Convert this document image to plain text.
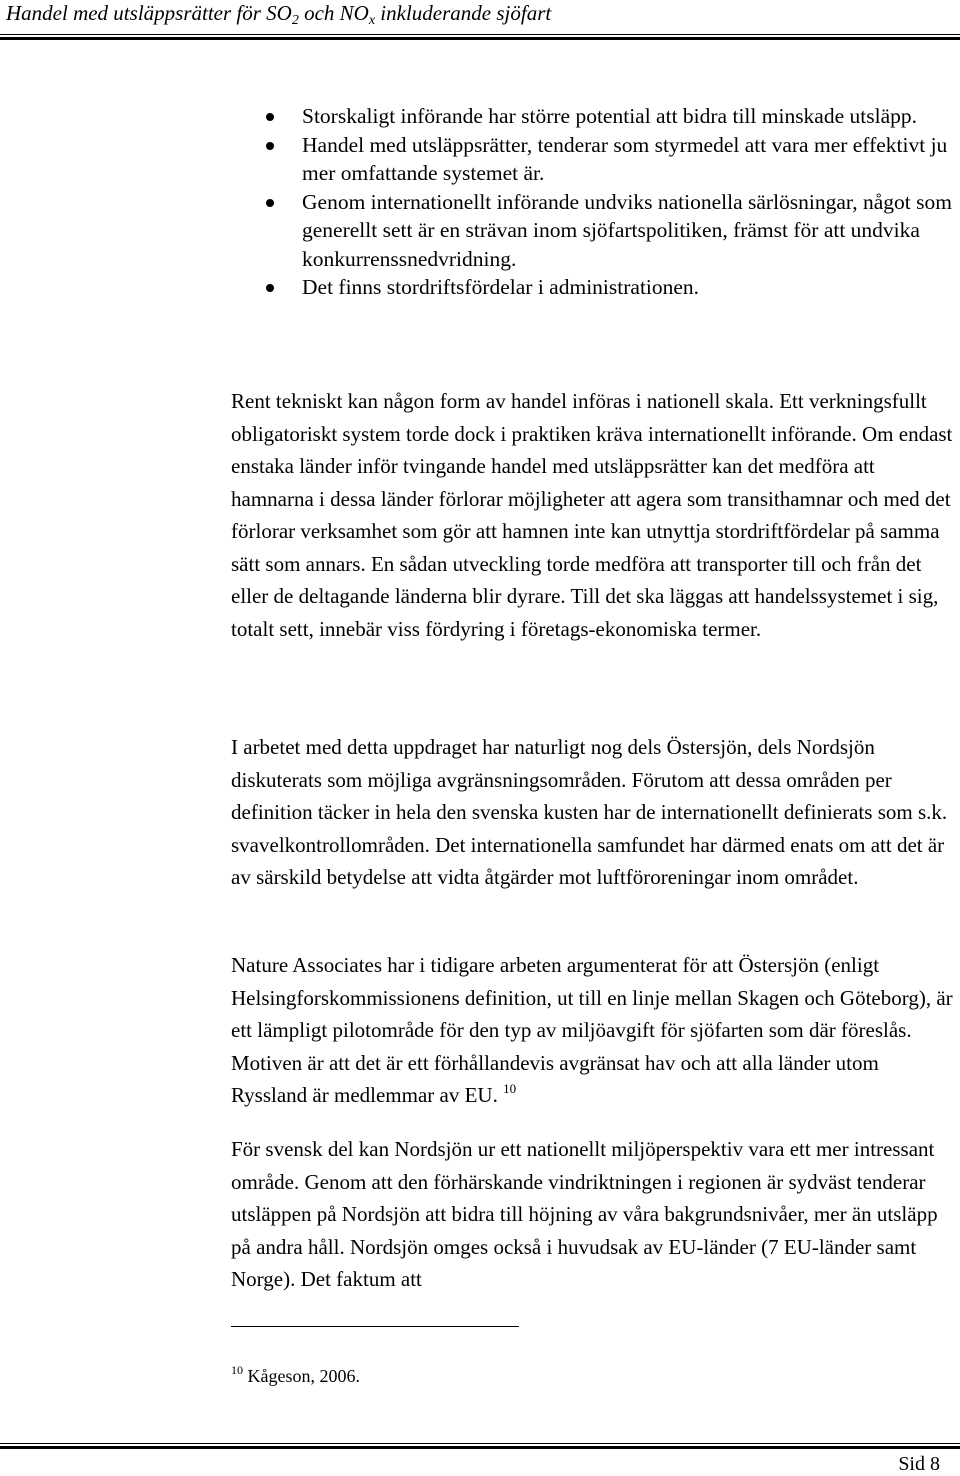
Handel med utsläppsrätter för $SO_2$ och $NO_x$ inkluderande sjöfart
Storskaligt införande har större potential att bidra till minskade utsläpp.
Handel med utsläppsrätter, tenderar som styrmedel att vara mer effektivt ju mer omfattande systemet är.
Genom internationellt införande undviks nationella särlösningar, något som generellt sett är en strävan inom sjöfartspolitiken, främst för att undvika konkurrenssnedvridning.
Det finns stordriftsfördelar i administrationen.

Rent tekniskt kan någon form av handel införas i nationell skala. Ett verkningsfullt obligatoriskt system torde dock i praktiken kräva internationellt införande. Om endast enstaka länder inför tvingande handel med utsläppsrätter kan det medföra att hamnarna i dessa länder förlorar möjligheter att agera som transithamnar och med det förlorar verksamhet som gör att hamnen inte kan utnyttja stordriftfördelar på samma sätt som annars. En sådan utveckling torde medföra att transporter till och från det eller de deltagande länderna blir dyrare. Till det ska läggas att handelssystemet i sig, totalt sett, innebär viss fördyring i företags-ekonomiska termer.

I arbetet med detta uppdraget har naturligt nog dels Östersjön, dels Nordsjön diskuterats som möjliga avgränsningsområden. Förutom att dessa områden per definition täcker in hela den svenska kusten har de internationellt definierats som s.k. svavelkontrollområden. Det internationella samfundet har därmed enats om att det är av särskild betydelse att vidta åtgärder mot luftföroreningar inom området.

Nature Associates har i tidigare arbeten argumenterat för att Östersjön (enligt Helsingforskommissionens definition, ut till en linje mellan Skagen och Göteborg), är ett lämpligt pilotområde för den typ av miljöavgift för sjöfarten som där föreslås. Motiven är att det är ett förhållandevis avgränsat hav och att alla länder utom Ryssland är medlemmar av EU. $^{10}$

För svensk del kan Nordsjön ur ett nationellt miljöperspektiv vara ett mer intressant område. Genom att den förhärskande vindriktningen i regionen är sydväst tenderar utsläppen på Nordsjön att bidra till höjning av våra bakgrundsnivåer, mer än utsläpp på andra håll. Nordsjön omges också i huvudsak av EU-länder (7 EU-länder samt Norge). Det faktum att

$^{10}$ Kågeson, 2006.
Sid 8
